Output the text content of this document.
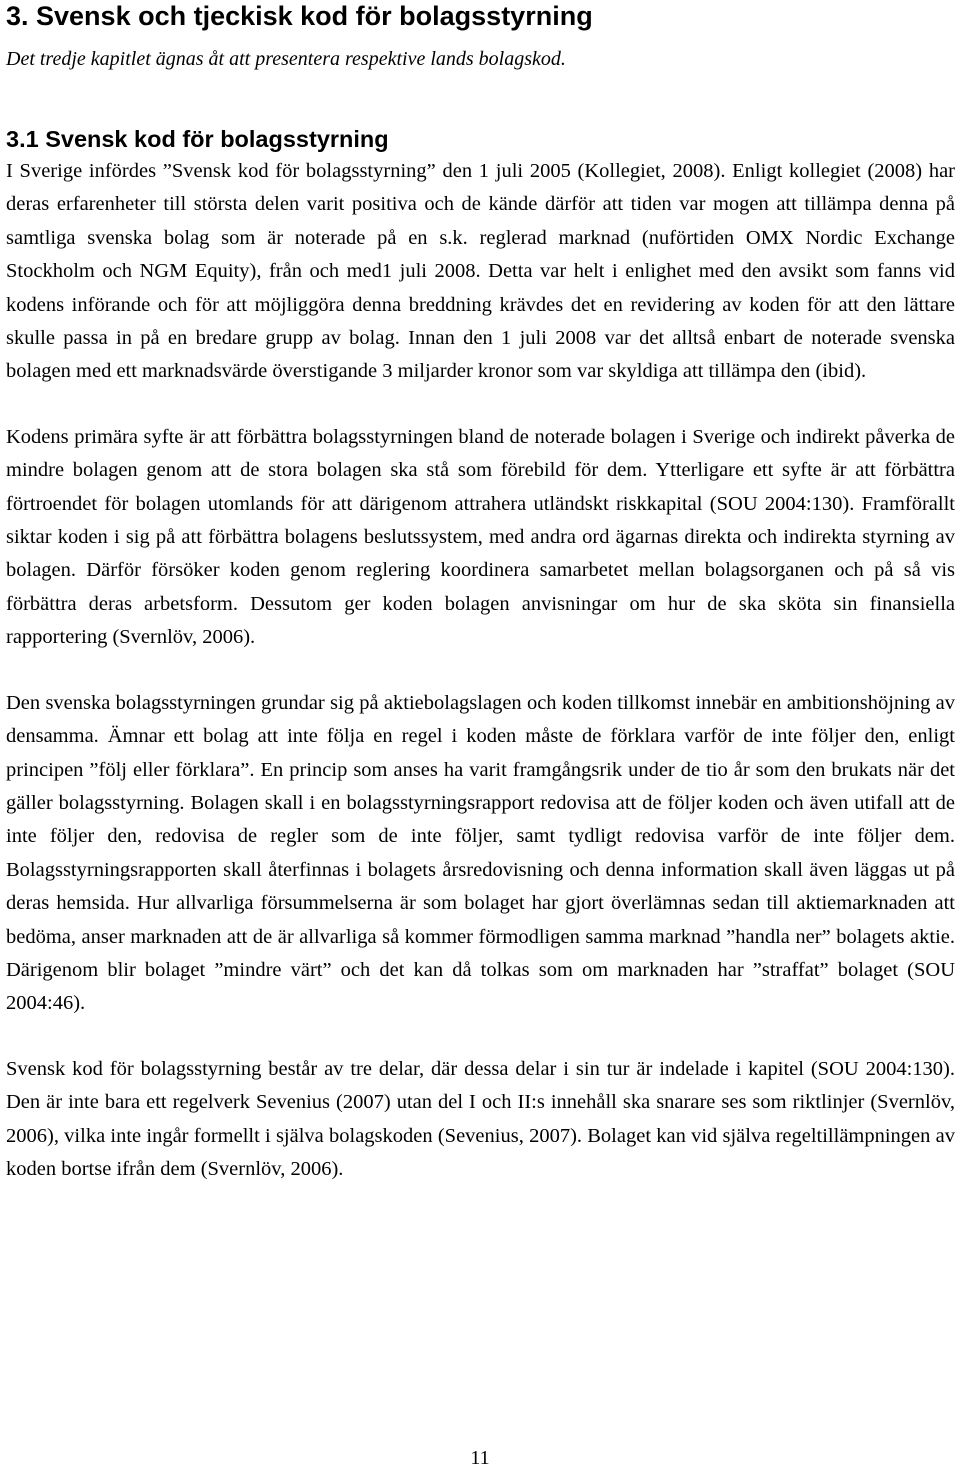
3. Svensk och tjeckisk kod för bolagsstyrning

Det tredje kapitlet ägnas åt att presentera respektive lands bolagskod.

3.1 Svensk kod för bolagsstyrning

I Sverige infördes ”Svensk kod för bolagsstyrning” den 1 juli 2005 (Kollegiet, 2008). Enligt kollegiet (2008) har deras erfarenheter till största delen varit positiva och de kände därför att tiden var mogen att tillämpa denna på samtliga svenska bolag som är noterade på en s.k. reglerad marknad (nuförtiden OMX Nordic Exchange Stockholm och NGM Equity), från och med1 juli 2008. Detta var helt i enlighet med den avsikt som fanns vid kodens införande och för att möjliggöra denna breddning krävdes det en revidering av koden för att den lättare skulle passa in på en bredare grupp av bolag. Innan den 1 juli 2008 var det alltså enbart de noterade svenska bolagen med ett marknadsvärde överstigande 3 miljarder kronor som var skyldiga att tillämpa den (ibid).

Kodens primära syfte är att förbättra bolagsstyrningen bland de noterade bolagen i Sverige och indirekt påverka de mindre bolagen genom att de stora bolagen ska stå som förebild för dem. Ytterligare ett syfte är att förbättra förtroendet för bolagen utomlands för att därigenom attrahera utländskt riskkapital (SOU 2004:130). Framförallt siktar koden i sig på att förbättra bolagens beslutssystem, med andra ord ägarnas direkta och indirekta styrning av bolagen. Därför försöker koden genom reglering koordinera samarbetet mellan bolagsorganen och på så vis förbättra deras arbetsform. Dessutom ger koden bolagen anvisningar om hur de ska sköta sin finansiella rapportering (Svernlöv, 2006).

Den svenska bolagsstyrningen grundar sig på aktiebolagslagen och koden tillkomst innebär en ambitionshöjning av densamma. Ämnar ett bolag att inte följa en regel i koden måste de förklara varför de inte följer den, enligt principen ”följ eller förklara”. En princip som anses ha varit framgångsrik under de tio år som den brukats när det gäller bolagsstyrning. Bolagen skall i en bolagsstyrningsrapport redovisa att de följer koden och även utifall att de inte följer den, redovisa de regler som de inte följer, samt tydligt redovisa varför de inte följer dem. Bolagsstyrningsrapporten skall återfinnas i bolagets årsredovisning och denna information skall även läggas ut på deras hemsida. Hur allvarliga försummelserna är som bolaget har gjort överlämnas sedan till aktiemarknaden att bedöma, anser marknaden att de är allvarliga så kommer förmodligen samma marknad ”handla ner” bolagets aktie. Därigenom blir bolaget ”mindre värt” och det kan då tolkas som om marknaden har ”straffat” bolaget (SOU 2004:46).

Svensk kod för bolagsstyrning består av tre delar, där dessa delar i sin tur är indelade i kapitel (SOU 2004:130). Den är inte bara ett regelverk Sevenius (2007) utan del I och II:s innehåll ska snarare ses som riktlinjer (Svernlöv, 2006), vilka inte ingår formellt i själva bolagskoden (Sevenius, 2007). Bolaget kan vid själva regeltillämpningen av koden bortse ifrån dem (Svernlöv, 2006).

11
